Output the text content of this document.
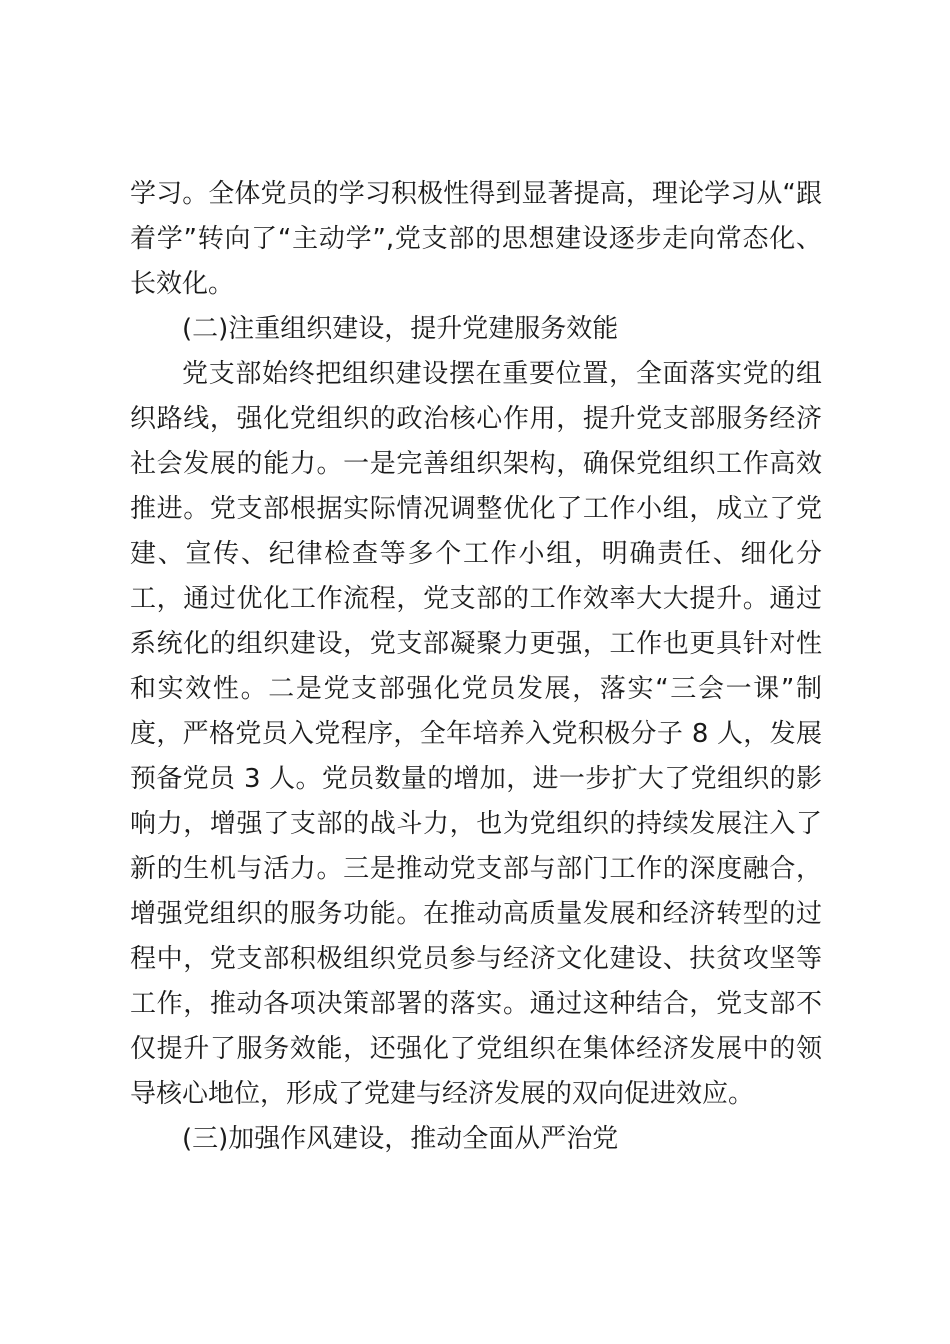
学习。全体党员的学习积极性得到显著提高，理论学习从“跟着学”转向了“主动学”,党支部的思想建设逐步走向常态化、长效化。

(二)注重组织建设，提升党建服务效能

党支部始终把组织建设摆在重要位置，全面落实党的组织路线，强化党组织的政治核心作用，提升党支部服务经济社会发展的能力。一是完善组织架构，确保党组织工作高效推进。党支部根据实际情况调整优化了工作小组，成立了党建、宣传、纪律检查等多个工作小组，明确责任、细化分工，通过优化工作流程，党支部的工作效率大大提升。通过系统化的组织建设，党支部凝聚力更强，工作也更具针对性和实效性。二是党支部强化党员发展，落实“三会一课”制度，严格党员入党程序，全年培养入党积极分子 8 人，发展预备党员 3 人。党员数量的增加，进一步扩大了党组织的影响力，增强了支部的战斗力，也为党组织的持续发展注入了新的生机与活力。三是推动党支部与部门工作的深度融合，增强党组织的服务功能。在推动高质量发展和经济转型的过程中，党支部积极组织党员参与经济文化建设、扶贫攻坚等工作，推动各项决策部署的落实。通过这种结合，党支部不仅提升了服务效能，还强化了党组织在集体经济发展中的领导核心地位，形成了党建与经济发展的双向促进效应。

(三)加强作风建设，推动全面从严治党
